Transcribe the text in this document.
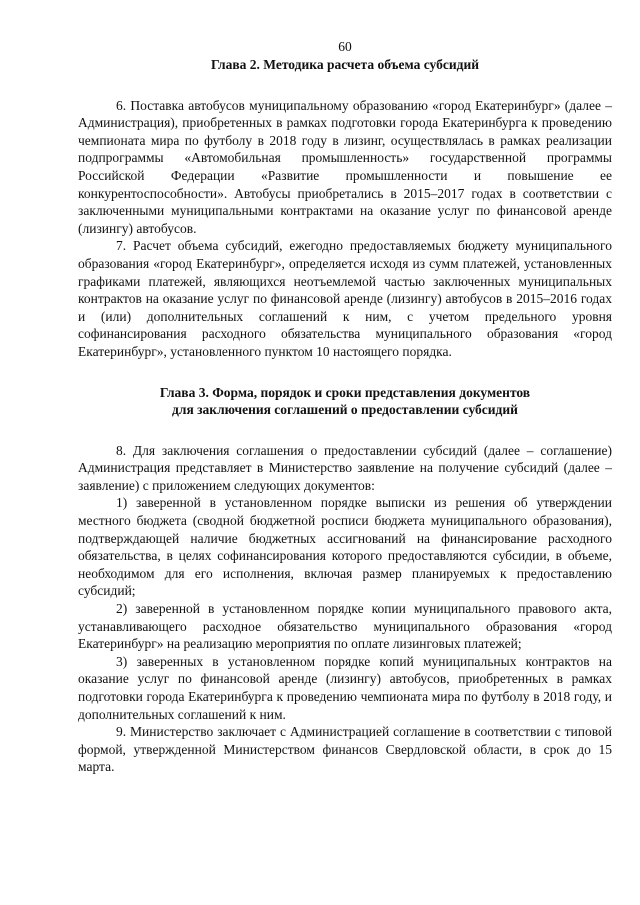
60

Глава 2. Методика расчета объема субсидий

6. Поставка автобусов муниципальному образованию «город Екатеринбург» (далее – Администрация), приобретенных в рамках подготовки города Екатеринбурга к проведению чемпионата мира по футболу в 2018 году в лизинг, осуществлялась в рамках реализации подпрограммы «Автомобильная промышленность» государственной программы Российской Федерации «Развитие промышленности и повышение ее конкурентоспособности». Автобусы приобретались в 2015–2017 годах в соответствии с заключенными муниципальными контрактами на оказание услуг по финансовой аренде (лизингу) автобусов.

7. Расчет объема субсидий, ежегодно предоставляемых бюджету муниципального образования «город Екатеринбург», определяется исходя из сумм платежей, установленных графиками платежей, являющихся неотъемлемой частью заключенных муниципальных контрактов на оказание услуг по финансовой аренде (лизингу) автобусов в 2015–2016 годах и (или) дополнительных соглашений к ним, с учетом предельного уровня софинансирования расходного обязательства муниципального образования «город Екатеринбург», установленного пунктом 10 настоящего порядка.

Глава 3. Форма, порядок и сроки представления документов
для заключения соглашений о предоставлении субсидий

8. Для заключения соглашения о предоставлении субсидий (далее – соглашение) Администрация представляет в Министерство заявление на получение субсидий (далее – заявление) с приложением следующих документов:

1) заверенной в установленном порядке выписки из решения об утверждении местного бюджета (сводной бюджетной росписи бюджета муниципального образования), подтверждающей наличие бюджетных ассигнований на финансирование расходного обязательства, в целях софинансирования которого предоставляются субсидии, в объеме, необходимом для его исполнения, включая размер планируемых к предоставлению субсидий;

2) заверенной в установленном порядке копии муниципального правового акта, устанавливающего расходное обязательство муниципального образования «город Екатеринбург» на реализацию мероприятия по оплате лизинговых платежей;

3) заверенных в установленном порядке копий муниципальных контрактов на оказание услуг по финансовой аренде (лизингу) автобусов, приобретенных в рамках подготовки города Екатеринбурга к проведению чемпионата мира по футболу в 2018 году, и дополнительных соглашений к ним.

9. Министерство заключает с Администрацией соглашение в соответствии с типовой формой, утвержденной Министерством финансов Свердловской области, в срок до 15 марта.
